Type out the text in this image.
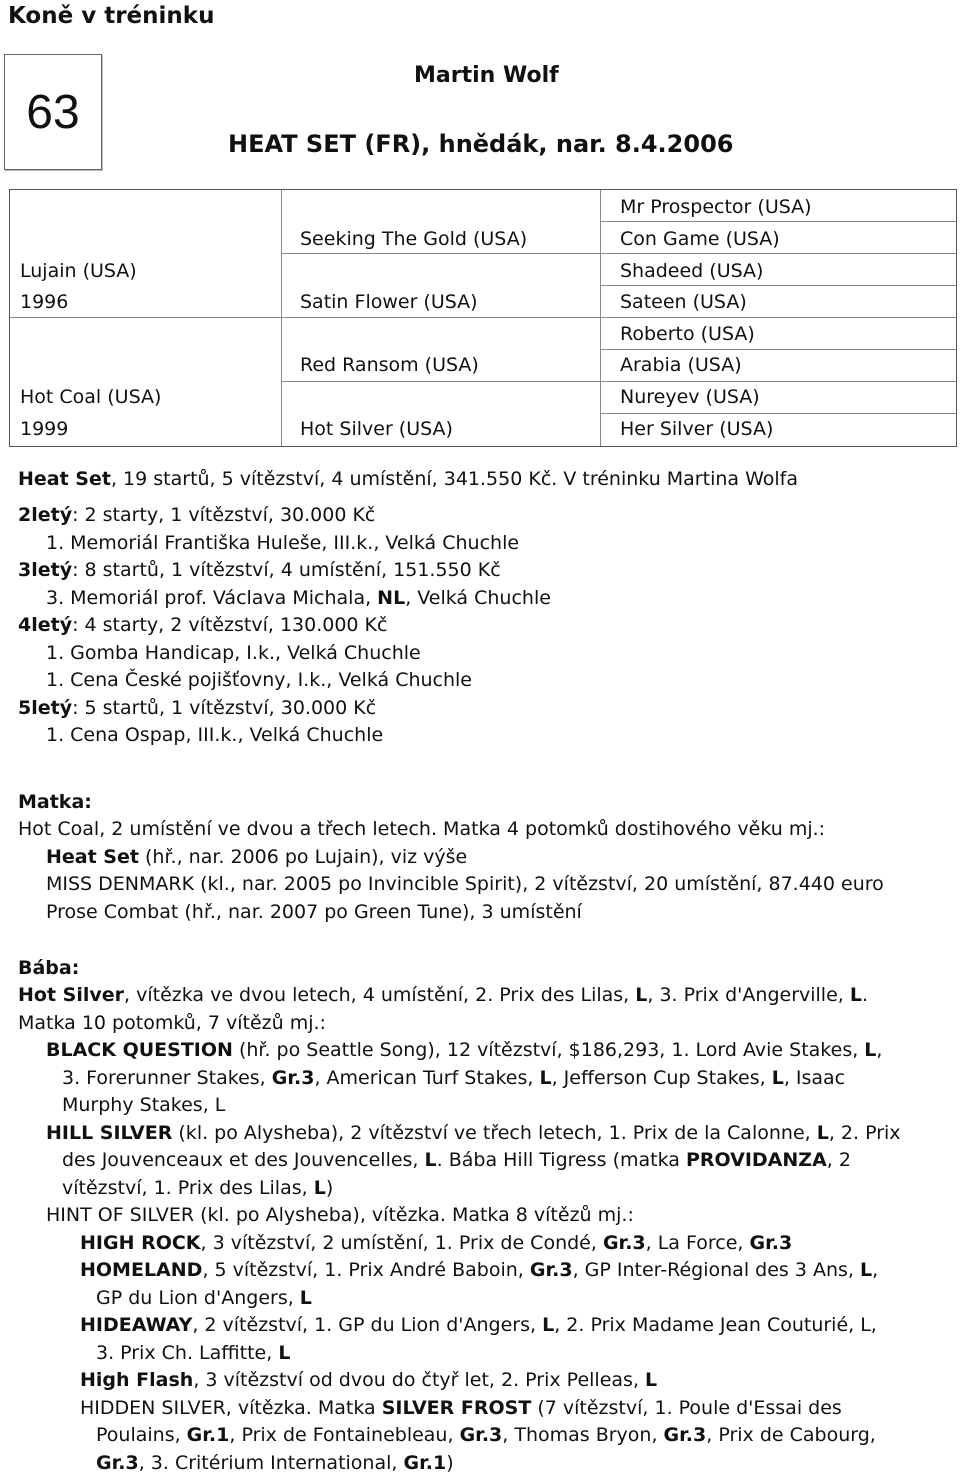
Koně v tréninku
63
Martin Wolf
HEAT SET (FR), hnědák, nar. 8.4.2006
Lujain (USA)
1996
Hot Coal (USA)
1999
Seeking The Gold (USA)
Satin Flower (USA)
Red Ransom (USA)
Hot Silver (USA)
Mr Prospector (USA)
Con Game (USA)
Shadeed (USA)
Sateen (USA)
Roberto (USA)
Arabia (USA)
Nureyev (USA)
Her Silver (USA)
Heat Set, 19 startů, 5 vítězství, 4 umístění, 341.550 Kč. V tréninku Martina Wolfa
2letý: 2 starty, 1 vítězství, 30.000 Kč
1. Memoriál Františka Huleše, III.k., Velká Chuchle
3letý: 8 startů, 1 vítězství, 4 umístění, 151.550 Kč
3. Memoriál prof. Václava Michala, NL, Velká Chuchle
4letý: 4 starty, 2 vítězství, 130.000 Kč
1. Gomba Handicap, I.k., Velká Chuchle
1. Cena České pojišťovny, I.k., Velká Chuchle
5letý: 5 startů, 1 vítězství, 30.000 Kč
1. Cena Ospap, III.k., Velká Chuchle
Matka:
Hot Coal, 2 umístění ve dvou a třech letech. Matka 4 potomků dostihového věku mj.:
Heat Set (hř., nar. 2006 po Lujain), viz výše
MISS DENMARK (kl., nar. 2005 po Invincible Spirit), 2 vítězství, 20 umístění, 87.440 euro
Prose Combat (hř., nar. 2007 po Green Tune), 3 umístění
Bába:
Hot Silver, vítězka ve dvou letech, 4 umístění, 2. Prix des Lilas, L, 3. Prix d'Angerville, L.
Matka 10 potomků, 7 vítězů mj.:
BLACK QUESTION (hř. po Seattle Song), 12 vítězství, $186,293, 1. Lord Avie Stakes, L,
3. Forerunner Stakes, Gr.3, American Turf Stakes, L, Jefferson Cup Stakes, L, Isaac
Murphy Stakes, L
HILL SILVER (kl. po Alysheba), 2 vítězství ve třech letech, 1. Prix de la Calonne, L, 2. Prix
des Jouvenceaux et des Jouvencelles, L. Bába Hill Tigress (matka PROVIDANZA, 2
vítězství, 1. Prix des Lilas, L)
HINT OF SILVER (kl. po Alysheba), vítězka. Matka 8 vítězů mj.:
HIGH ROCK, 3 vítězství, 2 umístění, 1. Prix de Condé, Gr.3, La Force, Gr.3
HOMELAND, 5 vítězství, 1. Prix André Baboin, Gr.3, GP Inter-Régional des 3 Ans, L,
GP du Lion d'Angers, L
HIDEAWAY, 2 vítězství, 1. GP du Lion d'Angers, L, 2. Prix Madame Jean Couturié, L,
3. Prix Ch. Laffitte, L
High Flash, 3 vítězství od dvou do čtyř let, 2. Prix Pelleas, L
HIDDEN SILVER, vítězka. Matka SILVER FROST (7 vítězství, 1. Poule d'Essai des
Poulains, Gr.1, Prix de Fontainebleau, Gr.3, Thomas Bryon, Gr.3, Prix de Cabourg,
Gr.3, 3. Critérium International, Gr.1)
